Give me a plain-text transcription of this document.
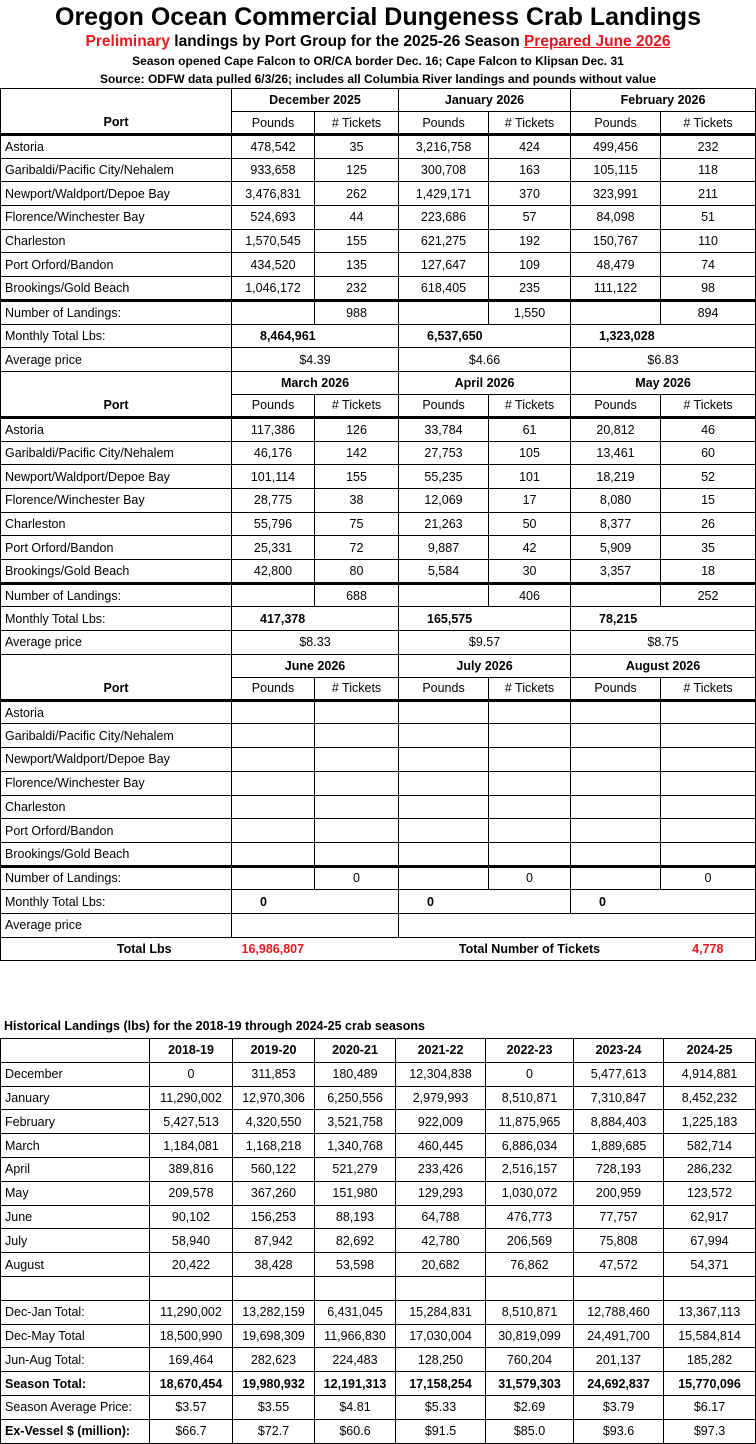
Oregon Ocean Commercial Dungeness Crab Landings
Preliminary landings by Port Group for the 2025-26 Season Prepared June 2026
Season opened Cape Falcon to OR/CA border Dec. 16; Cape Falcon to Klipsan Dec. 31
Source: ODFW data pulled 6/3/26; includes all Columbia River landings and pounds without value
	December 2025		January 2026		February 2026	
Port	Pounds	# Tickets	Pounds	# Tickets	Pounds	# Tickets
Astoria	478,542	35	3,216,758	424	499,456	232
Garibaldi/Pacific City/Nehalem	933,658	125	300,708	163	105,115	118
Newport/Waldport/Depoe Bay	3,476,831	262	1,429,171	370	323,991	211
Florence/Winchester Bay	524,693	44	223,686	57	84,098	51
Charleston	1,570,545	155	621,275	192	150,767	110
Port Orford/Bandon	434,520	135	127,647	109	48,479	74
Brookings/Gold Beach	1,046,172	232	618,405	235	111,122	98
Number of Landings:		988		1,550		894
Monthly Total Lbs:	8,464,961		6,537,650		1,323,028	
Average price	$4.39		$4.66		$6.83	
	March 2026		April 2026		May 2026	
Port	Pounds	# Tickets	Pounds	# Tickets	Pounds	# Tickets
Astoria	117,386	126	33,784	61	20,812	46
Garibaldi/Pacific City/Nehalem	46,176	142	27,753	105	13,461	60
Newport/Waldport/Depoe Bay	101,114	155	55,235	101	18,219	52
Florence/Winchester Bay	28,775	38	12,069	17	8,080	15
Charleston	55,796	75	21,263	50	8,377	26
Port Orford/Bandon	25,331	72	9,887	42	5,909	35
Brookings/Gold Beach	42,800	80	5,584	30	3,357	18
Number of Landings:		688		406		252
Monthly Total Lbs:	417,378		165,575		78,215	
Average price	$8.33		$9.57		$8.75	
	June 2026		July 2026		August 2026	
Port	Pounds	# Tickets	Pounds	# Tickets	Pounds	# Tickets
Astoria						
Garibaldi/Pacific City/Nehalem						
Newport/Waldport/Depoe Bay						
Florence/Winchester Bay						
Charleston						
Port Orford/Bandon						
Brookings/Gold Beach						
Number of Landings:		0		0		0
Monthly Total Lbs:	0		0		0	
Average price						
Total Lbs	16,986,807		Total Number of Tickets			4,778
Historical Landings (lbs) for the 2018-19 through 2024-25 crab seasons
	2018-19	2019-20	2020-21	2021-22	2022-23	2023-24	2024-25
December	0	311,853	180,489	12,304,838	0	5,477,613	4,914,881
January	11,290,002	12,970,306	6,250,556	2,979,993	8,510,871	7,310,847	8,452,232
February	5,427,513	4,320,550	3,521,758	922,009	11,875,965	8,884,403	1,225,183
March	1,184,081	1,168,218	1,340,768	460,445	6,886,034	1,889,685	582,714
April	389,816	560,122	521,279	233,426	2,516,157	728,193	286,232
May	209,578	367,260	151,980	129,293	1,030,072	200,959	123,572
June	90,102	156,253	88,193	64,788	476,773	77,757	62,917
July	58,940	87,942	82,692	42,780	206,569	75,808	67,994
August	20,422	38,428	53,598	20,682	76,862	47,572	54,371

Dec-Jan Total:	11,290,002	13,282,159	6,431,045	15,284,831	8,510,871	12,788,460	13,367,113
Dec-May Total	18,500,990	19,698,309	11,966,830	17,030,004	30,819,099	24,491,700	15,584,814
Jun-Aug Total:	169,464	282,623	224,483	128,250	760,204	201,137	185,282
Season Total:	18,670,454	19,980,932	12,191,313	17,158,254	31,579,303	24,692,837	15,770,096
Season Average Price:	$3.57	$3.55	$4.81	$5.33	$2.69	$3.79	$6.17
Ex-Vessel $ (million):	$66.7	$72.7	$60.6	$91.5	$85.0	$93.6	$97.3
